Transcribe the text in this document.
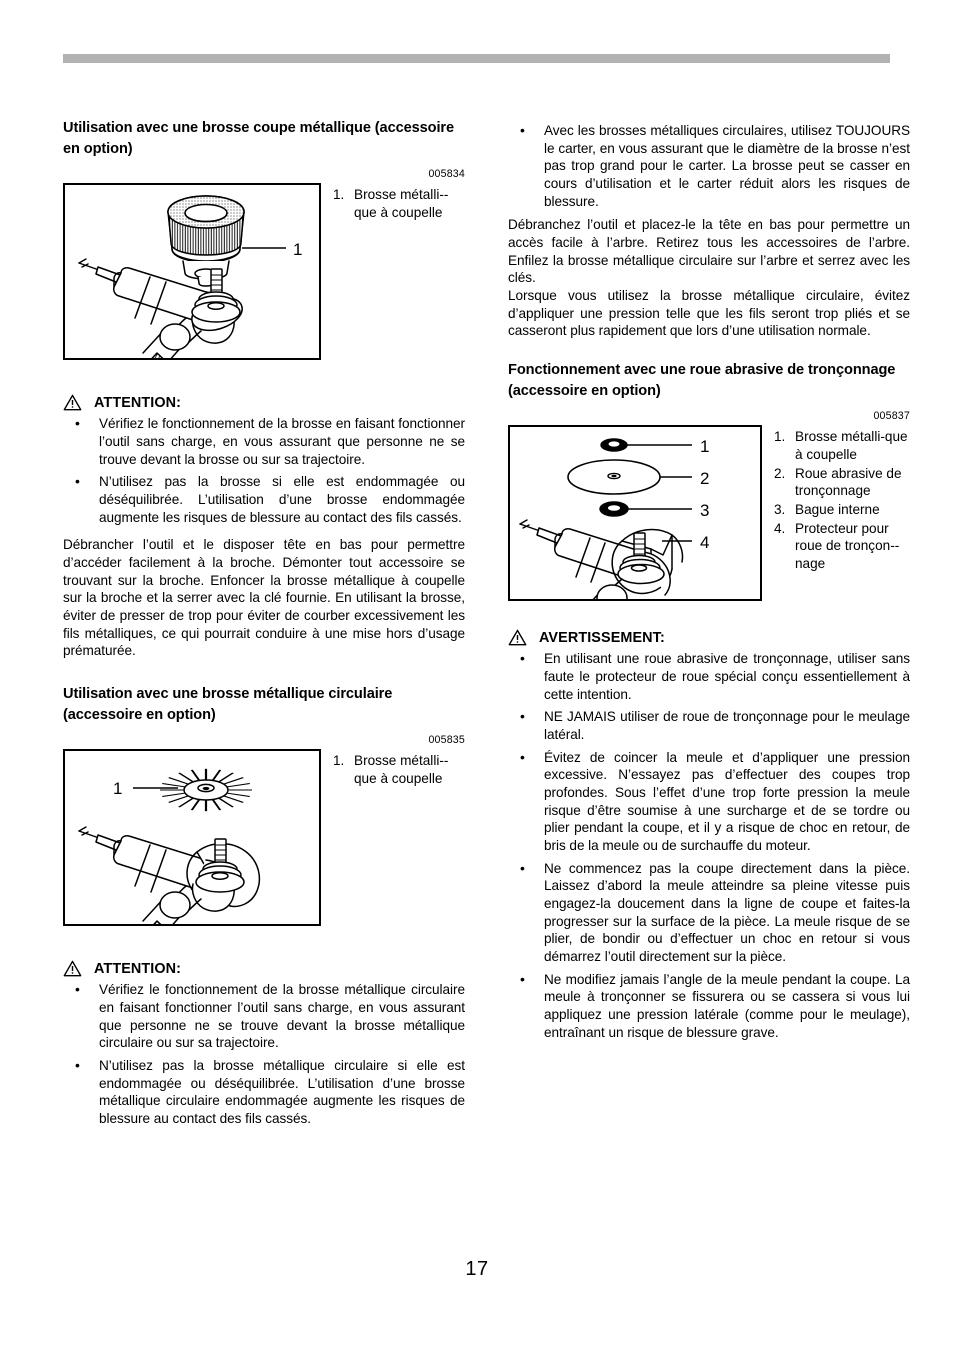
Utilisation avec une brosse coupe métallique (accessoire en option)
005834
1
1. Brosse métalli-que à coupelle
ATTENTION:
• Vérifiez le fonctionnement de la brosse en faisant fonctionner l’outil sans charge, en vous assurant que personne ne se trouve devant la brosse ou sur sa trajectoire.
• N’utilisez pas la brosse si elle est endommagée ou déséquilibrée. L’utilisation d’une brosse endommagée augmente les risques de blessure au contact des fils cassés.

Débrancher l’outil et le disposer tête en bas pour permettre d’accéder facilement à la broche. Démonter tout accessoire se trouvant sur la broche. Enfoncer la brosse métallique à coupelle sur la broche et la serrer avec la clé fournie. En utilisant la brosse, éviter de presser de trop pour éviter de courber excessivement les fils métalliques, ce qui pourrait conduire à une mise hors d’usage prématurée.

Utilisation avec une brosse métallique circulaire (accessoire en option)
005835
1
1. Brosse métalli-que à coupelle
ATTENTION:
• Vérifiez le fonctionnement de la brosse métallique circulaire en faisant fonctionner l’outil sans charge, en vous assurant que personne ne se trouve devant la brosse métallique circulaire ou sur sa trajectoire.
• N’utilisez pas la brosse métallique circulaire si elle est endommagée ou déséquilibrée. L’utilisation d’une brosse métallique circulaire endommagée augmente les risques de blessure au contact des fils cassés.
• Avec les brosses métalliques circulaires, utilisez TOUJOURS le carter, en vous assurant que le diamètre de la brosse n’est pas trop grand pour le carter. La brosse peut se casser en cours d’utilisation et le carter réduit alors les risques de blessure.

Débranchez l’outil et placez-le la tête en bas pour permettre un accès facile à l’arbre. Retirez tous les accessoires de l’arbre. Enfilez la brosse métallique circulaire sur l’arbre et serrez avec les clés.

Lorsque vous utilisez la brosse métallique circulaire, évitez d’appliquer une pression telle que les fils seront trop pliés et se casseront plus rapidement que lors d’une utilisation normale.

Fonctionnement avec une roue abrasive de tronçonnage (accessoire en option)
005837
1
2
3
4
1. Brosse métalli-que à coupelle
2. Roue abrasive de tronçonnage
3. Bague interne
4. Protecteur pour roue de tronçon-nage
AVERTISSEMENT:
• En utilisant une roue abrasive de tronçonnage, utiliser sans faute le protecteur de roue spécial conçu essentiellement à cette intention.
• NE JAMAIS utiliser de roue de tronçonnage pour le meulage latéral.
• Évitez de coincer la meule et d’appliquer une pression excessive. N’essayez pas d’effectuer des coupes trop profondes. Sous l’effet d’une trop forte pression la meule risque d’être soumise à une surcharge et de se tordre ou plier pendant la coupe, et il y a risque de choc en retour, de bris de la meule ou de surchauffe du moteur.
• Ne commencez pas la coupe directement dans la pièce. Laissez d’abord la meule atteindre sa pleine vitesse puis engagez-la doucement dans la ligne de coupe et faites-la progresser sur la surface de la pièce. La meule risque de se plier, de bondir ou d’effectuer un choc en retour si vous démarrez l’outil directement sur la pièce.
• Ne modifiez jamais l’angle de la meule pendant la coupe. La meule à tronçonner se fissurera ou se cassera si vous lui appliquez une pression latérale (comme pour le meulage), entraînant un risque de blessure grave.
17
